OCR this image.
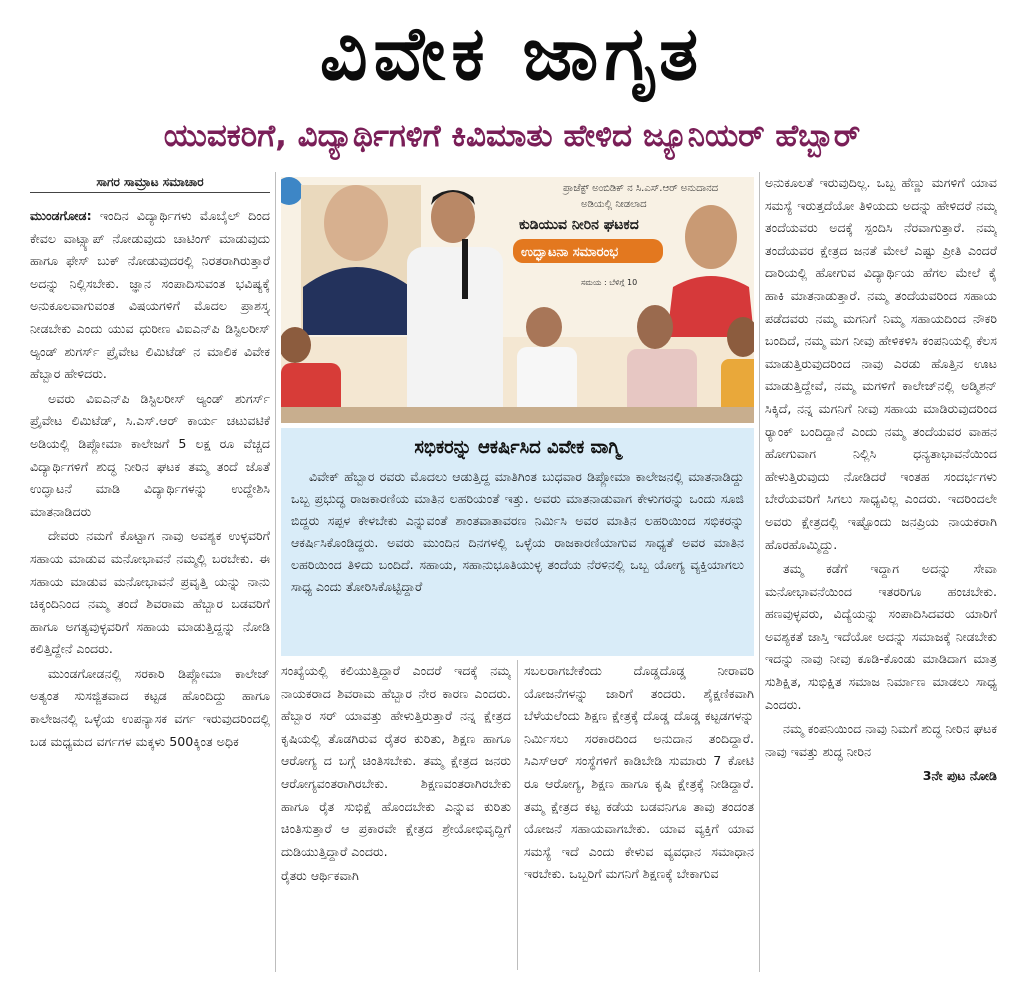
ವಿವೇಕ ಜಾಗೃತ
ಯುವಕರಿಗೆ, ವಿದ್ಯಾರ್ಥಿಗಳಿಗೆ ಕಿವಿಮಾತು ಹೇಳಿದ ಜ್ಯೂನಿಯರ್ ಹೆಬ್ಬಾರ್
ಸಾಗರ ಸಾಮ್ರಾಟ ಸಮಾಚಾರ

ಮುಂಡಗೋಡ: ಇಂದಿನ ವಿದ್ಯಾರ್ಥಿಗಳು ಮೊಬೈಲ್ ದಿಂದ ಕೇವಲ ವಾಟ್ಸ್ಯಾಪ್ ನೋಡುವುದು ಚಾಟಿಂಗ್ ಮಾಡುವುದು ಹಾಗೂ ಫೇಸ್ ಬುಕ್ ನೋಡುವುದರಲ್ಲಿ ನಿರತರಾಗಿರುತ್ತಾರೆ ಅದನ್ನು ನಿಲ್ಲಿಸಬೇಕು. ಜ್ಞಾನ ಸಂಪಾದಿಸುವಂತ ಭವಿಷ್ಯಕ್ಕೆ ಅನುಕೂಲವಾಗುವಂತ ವಿಷಯಗಳಿಗೆ ಮೊದಲ ಪ್ರಾಶಸ್ತ್ಯ ನೀಡಬೇಕು ಎಂದು ಯುವ ಧುರೀಣ ವಿಐಎನ್‌ಪಿ ಡಿಸ್ಟಿಲರೀಸ್ ಅ್ಯಂಡ್ ಶುಗರ್ಸ್ ಪ್ರೈವೇಟ ಲಿಮಿಟೆಡ್ ನ ಮಾಲಿಕ ವಿವೇಕ ಹೆಬ್ಬಾರ ಹೇಳಿದರು.

ಅವರು ವಿಐಎನ್‌ಪಿ ಡಿಸ್ಟಿಲರೀಸ್ ಅ್ಯಂಡ್ ಶುಗರ್ಸ್ ಪ್ರೈವೇಟ ಲಿಮಿಟೆಡ್, ಸಿ.ಎಸ್.ಆರ್ ಕಾರ್ಯ ಚಟುವಟಿಕೆ ಅಡಿಯಲ್ಲಿ ಡಿಪ್ಲೋಮಾ ಕಾಲೇಜಗೆ 5 ಲಕ್ಷ ರೂ ವೆಚ್ಚದ ವಿದ್ಯಾರ್ಥಿಗಳಿಗೆ ಶುದ್ಧ ನೀರಿನ ಘಟಕ ತಮ್ಮ ತಂದೆ ಜೊತೆ ಉದ್ಘಾಟನೆ ಮಾಡಿ ವಿದ್ಯಾರ್ಥಿಗಳನ್ನು ಉದ್ದೇಶಿಸಿ ಮಾತನಾಡಿದರು

ದೇವರು ನಮಗೆ ಕೊಟ್ಟಾಗ ನಾವು ಅವಶ್ಯಕ ಉಳ್ಳವರಿಗೆ ಸಹಾಯ ಮಾಡುವ ಮನೋಭಾವನೆ ನಮ್ಮಲ್ಲಿ ಬರಬೇಕು. ಈ ಸಹಾಯ ಮಾಡುವ ಮನೋಭಾವನೆ ಪ್ರವೃತ್ತಿ ಯನ್ನು ನಾನು ಚಿಕ್ಕಂದಿನಿಂದ ನಮ್ಮ ತಂದೆ ಶಿವರಾಮ ಹೆಬ್ಬಾರ ಬಡವರಿಗೆ ಹಾಗೂ ಅಗತ್ಯವುಳ್ಳವರಿಗೆ ಸಹಾಯ ಮಾಡುತ್ತಿದ್ದನ್ನು ನೋಡಿ ಕಲಿತ್ತಿದ್ದೇನೆ ಎಂದರು.

ಮುಂಡಗೋಡನಲ್ಲಿ ಸರಕಾರಿ ಡಿಪ್ಲೋಮಾ ಕಾಲೇಜ್ ಅತ್ಯಂತ ಸುಸಜ್ಜಿತವಾದ ಕಟ್ಟಡ ಹೊಂದಿದ್ದು ಹಾಗೂ ಕಾಲೇಜನಲ್ಲಿ ಒಳ್ಳೆಯ ಉಪನ್ಯಾಸಕ ವರ್ಗ ಇರುವುದರಿಂದಲ್ಲಿ ಬಡ ಮಧ್ಯಮದ ವರ್ಗಗಳ ಮಕ್ಕಳು 500ಕ್ಕಿಂತ ಅಧಿಕ

ಪ್ರಾಜೆಕ್ಟ್ ಅಂಬಿಡಿಕ್ ನ ಸಿ.ಎಸ್.ಆರ್ ಅನುದಾನದ
ಅಡಿಯಲ್ಲಿ ನೀಡಲಾದ
ಕುಡಿಯುವ ನೀರಿನ ಘಟಕದ
ಉದ್ಘಾಟನಾ ಸಮಾರಂಭ
ಸಮಯ : ಬೆಳಿಗ್ಗೆ 10
ಸಭಿಕರನ್ನು ಆಕರ್ಷಿಸಿದ ವಿವೇಕ ವಾಗ್ಮಿ

ವಿವೇಕ್ ಹೆಬ್ಬಾರ ರವರು ಮೊದಲು ಆಡುತ್ತಿದ್ದ ಮಾತಿಗಿಂತ ಬುಧವಾರ ಡಿಪ್ಲೋಮಾ ಕಾಲೇಜನಲ್ಲಿ ಮಾತನಾಡಿದ್ದು ಒಬ್ಬ ಪ್ರಭುದ್ಧ ರಾಜಕಾರಣಿಯ ಮಾತಿನ ಲಹರಿಯಂತೆ ಇತ್ತು. ಅವರು ಮಾತನಾಡುವಾಗ ಕೇಳುಗರನ್ನು ಒಂದು ಸೂಜಿ ಬಿದ್ದರು ಸಪ್ಪಳ ಕೇಳಬೇಕು ಎನ್ನುವಂತೆ ಶಾಂತವಾತಾವರಣ ನಿರ್ಮಿಸಿ ಅವರ ಮಾತಿನ ಲಹರಿಯಿಂದ ಸಭಿಕರನ್ನು ಆಕರ್ಷಿಸಿಕೊಂಡಿದ್ದರು. ಅವರು ಮುಂದಿನ ದಿನಗಳಲ್ಲಿ ಒಳ್ಳೆಯ ರಾಜಕಾರಣಿಯಾಗುವ ಸಾಧ್ಯತೆ ಅವರ ಮಾತಿನ ಲಹರಿಯಿಂದ ತಿಳಿದು ಬಂದಿದೆ. ಸಹಾಯ, ಸಹಾನುಭೂತಿಯುಳ್ಳ ತಂದೆಯ ನೆರಳಿನಲ್ಲಿ ಒಬ್ಬ ಯೋಗ್ಯ ವ್ಯಕ್ತಿಯಾಗಲು ಸಾಧ್ಯ ಎಂದು ತೋರಿಸಿಕೊಟ್ಟಿದ್ದಾರೆ

ಸಂಖ್ಯೆಯಲ್ಲಿ ಕಲಿಯುತ್ತಿದ್ದಾರೆ ಎಂದರೆ ಇದಕ್ಕೆ ನಮ್ಮ ನಾಯಕರಾದ ಶಿವರಾಮ ಹೆಬ್ಬಾರ ನೇರ ಕಾರಣ ಎಂದರು. ಹೆಬ್ಬಾರ ಸರ್ ಯಾವತ್ತು ಹೇಳುತ್ತಿರುತ್ತಾರೆ ನನ್ನ ಕ್ಷೇತ್ರದ ಕೃಷಿಯಲ್ಲಿ ತೊಡಗಿರುವ ರೈತರ ಕುರಿತು, ಶಿಕ್ಷಣ ಹಾಗೂ ಆರೋಗ್ಯ ದ ಬಗ್ಗೆ ಚಿಂತಿಸಬೇಕು. ತಮ್ಮ ಕ್ಷೇತ್ರದ ಜನರು ಆರೋಗ್ಯವಂತರಾಗಿರಬೇಕು. ಶಿಕ್ಷಣವಂತರಾಗಿರಬೇಕು ಹಾಗೂ ರೈತ ಸುಭಿಕ್ಷೆ ಹೊಂದಬೇಕು ಎನ್ನುವ ಕುರಿತು ಚಿಂತಿಸುತ್ತಾರೆ ಆ ಪ್ರಕಾರವೇ ಕ್ಷೇತ್ರದ ಶ್ರೇಯೋಭಿವೃದ್ದಿಗೆ ದುಡಿಯುತ್ತಿದ್ದಾರೆ ಎಂದರು.

ರೈತರು ಆರ್ಥಿಕವಾಗಿ

ಸಬಲರಾಗಬೇಕೆಂದು ದೊಡ್ಡದೊಡ್ಡ ನೀರಾವರಿ ಯೋಜನೆಗಳನ್ನು ಜಾರಿಗೆ ತಂದರು. ಶೈಕ್ಷಣಿಕವಾಗಿ ಬೆಳೆಯಲೆಂದು ಶಿಕ್ಷಣ ಕ್ಷೇತ್ರಕ್ಕೆ ದೊಡ್ಡ ದೊಡ್ಡ ಕಟ್ಟಡಗಳನ್ನು ನಿರ್ಮಿಸಲು ಸರಕಾರದಿಂದ ಅನುದಾನ ತಂದಿದ್ದಾರೆ. ಸಿಎಸ್‌ಆರ್ ಸಂಸ್ಥೆಗಳಿಗೆ ಕಾಡಿಬೇಡಿ ಸುಮಾರು 7 ಕೋಟಿ ರೂ ಆರೋಗ್ಯ, ಶಿಕ್ಷಣ ಹಾಗೂ ಕೃಷಿ ಕ್ಷೇತ್ರಕ್ಕೆ ನೀಡಿದ್ದಾರೆ. ತಮ್ಮ ಕ್ಷೇತ್ರದ ಕಟ್ಟ ಕಡೆಯ ಬಡವನಿಗೂ ತಾವು ತಂದಂತ ಯೋಜನೆ ಸಹಾಯವಾಗಬೇಕು. ಯಾವ ವ್ಯಕ್ತಿಗೆ ಯಾವ ಸಮಸ್ಯೆ ಇದೆ ಎಂದು ಕೇಳುವ ವ್ಯವಧಾನ ಸಮಾಧಾನ ಇರಬೇಕು. ಒಬ್ಬರಿಗೆ ಮಗನಿಗೆ ಶಿಕ್ಷಣಕ್ಕೆ ಬೇಕಾಗುವ

ಅನುಕೂಲತೆ ಇರುವುದಿಲ್ಲ. ಒಬ್ಬ ಹೆಣ್ಣು ಮಗಳಿಗೆ ಯಾವ ಸಮಸ್ಯೆ ಇರುತ್ತದೆಯೋ ತಿಳಿಯದು ಅದನ್ನು ಹೇಳಿದರೆ ನಮ್ಮ ತಂದೆಯವರು ಅದಕ್ಕೆ ಸ್ಪಂದಿಸಿ ನೆರವಾಗುತ್ತಾರೆ. ನಮ್ಮ ತಂದೆಯವರ ಕ್ಷೇತ್ರದ ಜನತೆ ಮೇಲೆ ಎಷ್ಟು ಪ್ರೀತಿ ಎಂದರೆ ದಾರಿಯಲ್ಲಿ ಹೋಗುವ ವಿದ್ಯಾರ್ಥಿಯ ಹೆಗಲ ಮೇಲೆ ಕೈ ಹಾಕಿ ಮಾತನಾಡುತ್ತಾರೆ. ನಮ್ಮ ತಂದೆಯವರಿಂದ ಸಹಾಯ ಪಡೆದವರು ನಮ್ಮ ಮಗನಿಗೆ ನಿಮ್ಮ ಸಹಾಯದಿಂದ ನೌಕರಿ ಬಂದಿದೆ, ನಮ್ಮ ಮಗ ನೀವು ಹೇಳಿಕಳಿಸಿ ಕಂಪನಿಯಲ್ಲಿ ಕೆಲಸ ಮಾಡುತ್ತಿರುವುದರಿಂದ ನಾವು ಎರಡು ಹೊತ್ತಿನ ಊಟ ಮಾಡುತ್ತಿದ್ದೇವೆ, ನಮ್ಮ ಮಗಳಿಗೆ ಕಾಲೇಜ್‌ನಲ್ಲಿ ಅಡ್ಮಿಶನ್ ಸಿಕ್ಕಿದೆ, ನನ್ನ ಮಗನಿಗೆ ನೀವು ಸಹಾಯ ಮಾಡಿರುವುದರಿಂದ ರ‍್ಯಾಂಕ್ ಬಂದಿದ್ದಾನೆ ಎಂದು ನಮ್ಮ ತಂದೆಯವರ ವಾಹನ ಹೋಗುವಾಗ ನಿಲ್ಲಿಸಿ ಧನ್ಯತಾಭಾವನೆಯಿಂದ ಹೇಳುತ್ತಿರುವುದು ನೋಡಿದರೆ ಇಂತಹ ಸಂದರ್ಭಗಳು ಬೇರೆಯವರಿಗೆ ಸಿಗಲು ಸಾಧ್ಯವಿಲ್ಲ ಎಂದರು. ಇದರಿಂದಲೇ ಅವರು ಕ್ಷೇತ್ರದಲ್ಲಿ ಇಷ್ಟೊಂದು ಜನಪ್ರಿಯ ನಾಯಕರಾಗಿ ಹೊರಹೊಮ್ಮಿದ್ದು.

ತಮ್ಮ ಕಡೆಗೆ ಇದ್ದಾಗ ಅದನ್ನು ಸೇವಾ ಮನೋಭಾವನೆಯಿಂದ ಇತರರಿಗೂ ಹಂಚಬೇಕು. ಹಣವುಳ್ಳವರು, ವಿದ್ಯೆಯನ್ನು ಸಂಪಾದಿಸಿದವರು ಯಾರಿಗೆ ಅವಶ್ಯಕತೆ ಜಾಸ್ತಿ ಇದೆಯೋ ಅದನ್ನು ಸಮಾಜಕ್ಕೆ ನೀಡಬೇಕು ಇದನ್ನು ನಾವು ನೀವು ಕೂಡಿ-ಕೊಂಡು ಮಾಡಿದಾಗ ಮಾತ್ರ ಸುಶಿಕ್ಷಿತ, ಸುಭಿಕ್ಷಿತ ಸಮಾಜ ನಿರ್ಮಾಣ ಮಾಡಲು ಸಾಧ್ಯ ಎಂದರು.

ನಮ್ಮ ಕಂಪನಿಯಿಂದ ನಾವು ನಿಮಗೆ ಶುದ್ಧ ನೀರಿನ ಘಟಕ ನಾವು ಇವತ್ತು ಶುದ್ಧ ನೀರಿನ

3ನೇ ಪುಟ ನೋಡಿ
